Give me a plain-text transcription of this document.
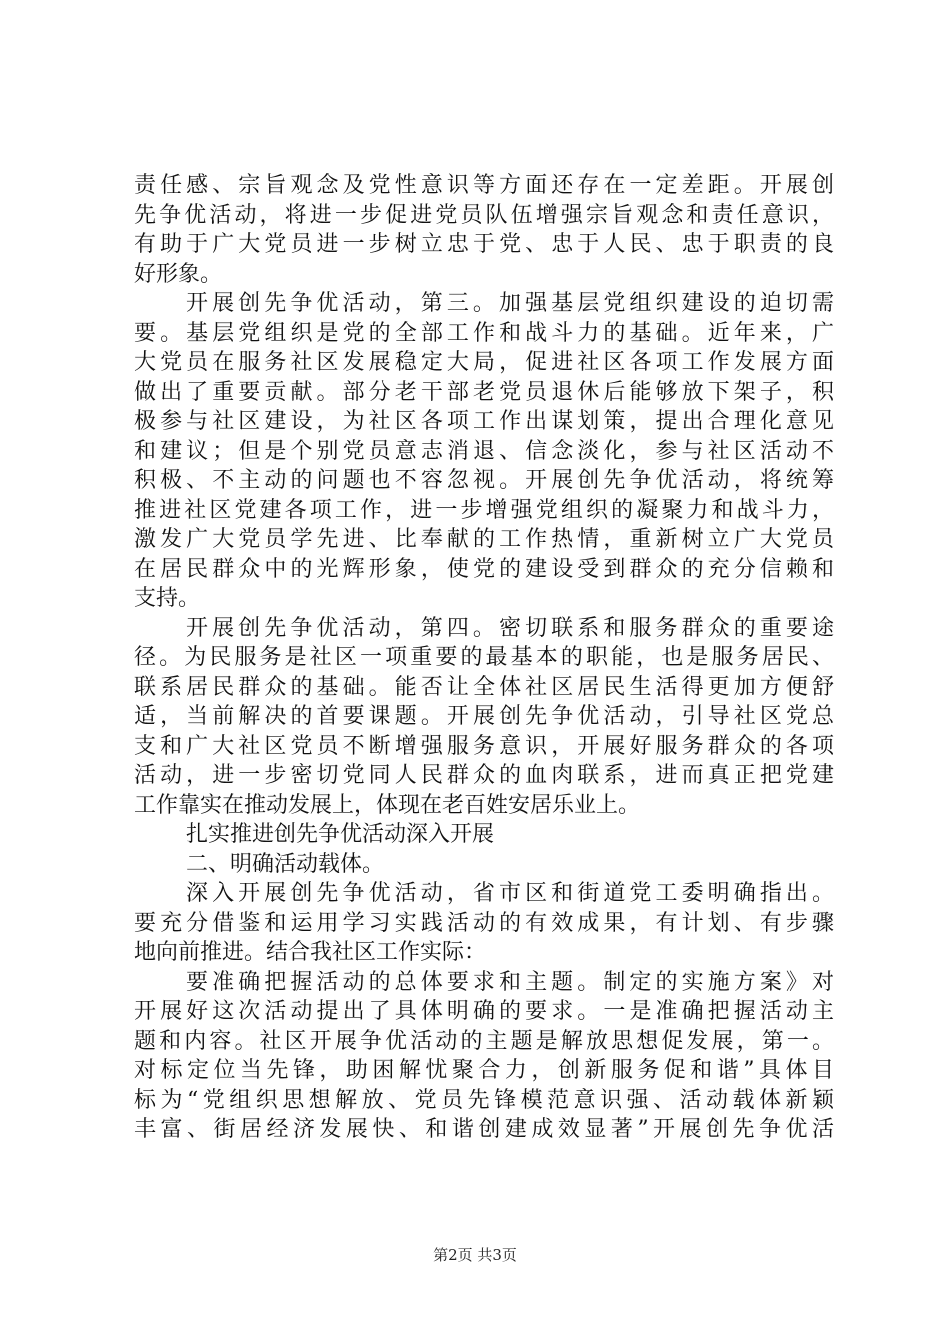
责任感、宗旨观念及党性意识等方面还存在一定差距。开展创
先争优活动，将进一步促进党员队伍增强宗旨观念和责任意识，
有助于广大党员进一步树立忠于党、忠于人民、忠于职责的良
好形象。
开展创先争优活动，第三。加强基层党组织建设的迫切需
要。基层党组织是党的全部工作和战斗力的基础。近年来，广
大党员在服务社区发展稳定大局，促进社区各项工作发展方面
做出了重要贡献。部分老干部老党员退休后能够放下架子，积
极参与社区建设，为社区各项工作出谋划策，提出合理化意见
和建议；但是个别党员意志消退、信念淡化，参与社区活动不
积极、不主动的问题也不容忽视。开展创先争优活动，将统筹
推进社区党建各项工作，进一步增强党组织的凝聚力和战斗力，
激发广大党员学先进、比奉献的工作热情，重新树立广大党员
在居民群众中的光辉形象，使党的建设受到群众的充分信赖和
支持。
开展创先争优活动，第四。密切联系和服务群众的重要途
径。为民服务是社区一项重要的最基本的职能，也是服务居民、
联系居民群众的基础。能否让全体社区居民生活得更加方便舒
适，当前解决的首要课题。开展创先争优活动，引导社区党总
支和广大社区党员不断增强服务意识，开展好服务群众的各项
活动，进一步密切党同人民群众的血肉联系，进而真正把党建
工作靠实在推动发展上，体现在老百姓安居乐业上。
扎实推进创先争优活动深入开展
二、明确活动载体。
深入开展创先争优活动，省市区和街道党工委明确指出。
要充分借鉴和运用学习实践活动的有效成果，有计划、有步骤
地向前推进。结合我社区工作实际：
要准确把握活动的总体要求和主题。制定的实施方案》对
开展好这次活动提出了具体明确的要求。一是准确把握活动主
题和内容。社区开展争优活动的主题是解放思想促发展，第一。
对标定位当先锋，助困解忧聚合力，创新服务促和谐”具体目
标为“党组织思想解放、党员先锋模范意识强、活动载体新颖
丰富、街居经济发展快、和谐创建成效显著”开展创先争优活
第2页 共3页
